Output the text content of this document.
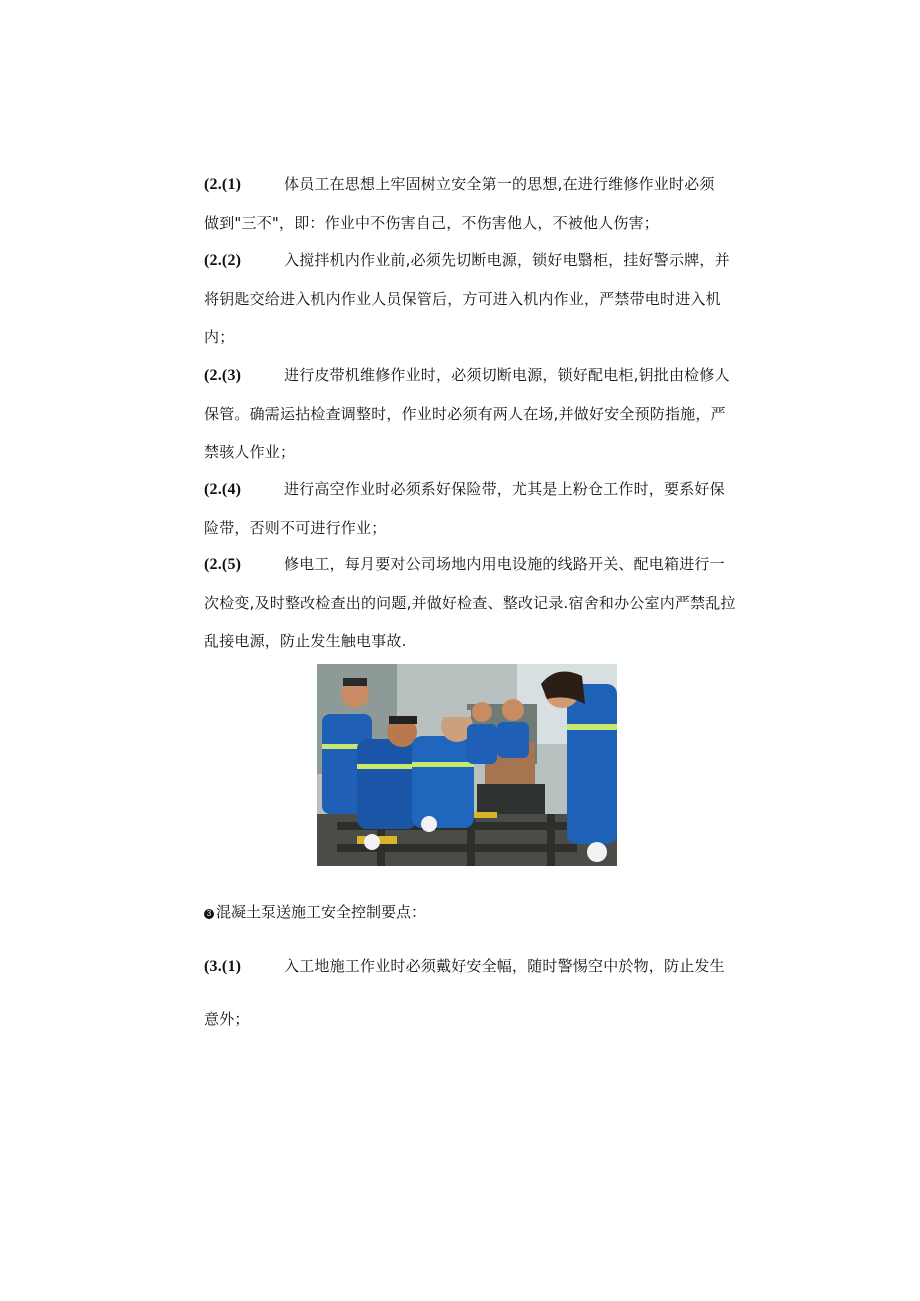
(2.(1)	体员工在思想上牢固树立安全第一的思想,在进行维修作业时必须
做到"三不"，即：作业中不伤害自己，不伤害他人，不被他人伤害；
(2.(2)	入搅拌机内作业前,必须先切断电源，锁好电翳柜，挂好警示牌，并
将钥匙交给进入机内作业人员保管后，方可进入机内作业，严禁带电时进入机
内；
(2.(3)	进行皮带机维修作业时，必须切断电源，锁好配电柜,钥批由检修人
保管。确需运拈检查调整时，作业时必须有两人在场,并做好安全预防指施，严
禁骇人作业；
(2.(4)	进行高空作业时必须系好保险带，尤其是上粉仓工作时，要系好保
险带，否则不可进行作业；
(2.(5)	修电工，每月要对公司场地内用电设施的线路开关、配电箱进行一
次检变,及时整改检查出的问题,并做好检查、整改记录.宿舍和办公室内严禁乱拉
乱接电源，防止发生触电事故.
3 混凝土泵送施工安全控制要点：
(3.(1)	入工地施工作业时必须戴好安全幅，随时警惕空中於物，防止发生
意外；
